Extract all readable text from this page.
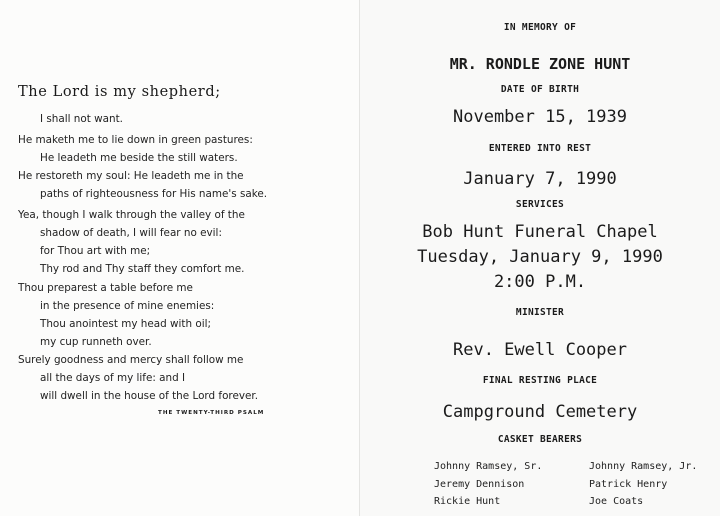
The Lord is my shepherd;
I shall not want.
He maketh me to lie down in green pastures:
He leadeth me beside the still waters.
He restoreth my soul: He leadeth me in the
paths of righteousness for His name's sake.
Yea, though I walk through the valley of the
shadow of death, I will fear no evil:
for Thou art with me;
Thy rod and Thy staff they comfort me.
Thou preparest a table before me
in the presence of mine enemies:
Thou anointest my head with oil;
my cup runneth over.
Surely goodness and mercy shall follow me
all the days of my life: and I
will dwell in the house of the Lord forever.
THE TWENTY-THIRD PSALM
IN MEMORY OF
MR. RONDLE ZONE HUNT
DATE OF BIRTH
November 15, 1939
ENTERED INTO REST
January 7, 1990
SERVICES
Bob Hunt Funeral Chapel
Tuesday, January 9, 1990
2:00 P.M.
MINISTER
Rev. Ewell Cooper
FINAL RESTING PLACE
Campground Cemetery
CASKET BEARERS
Johnny Ramsey, Sr.
Jeremy Dennison
Rickie Hunt
Johnny Ramsey, Jr.
Patrick Henry
Joe Coats
